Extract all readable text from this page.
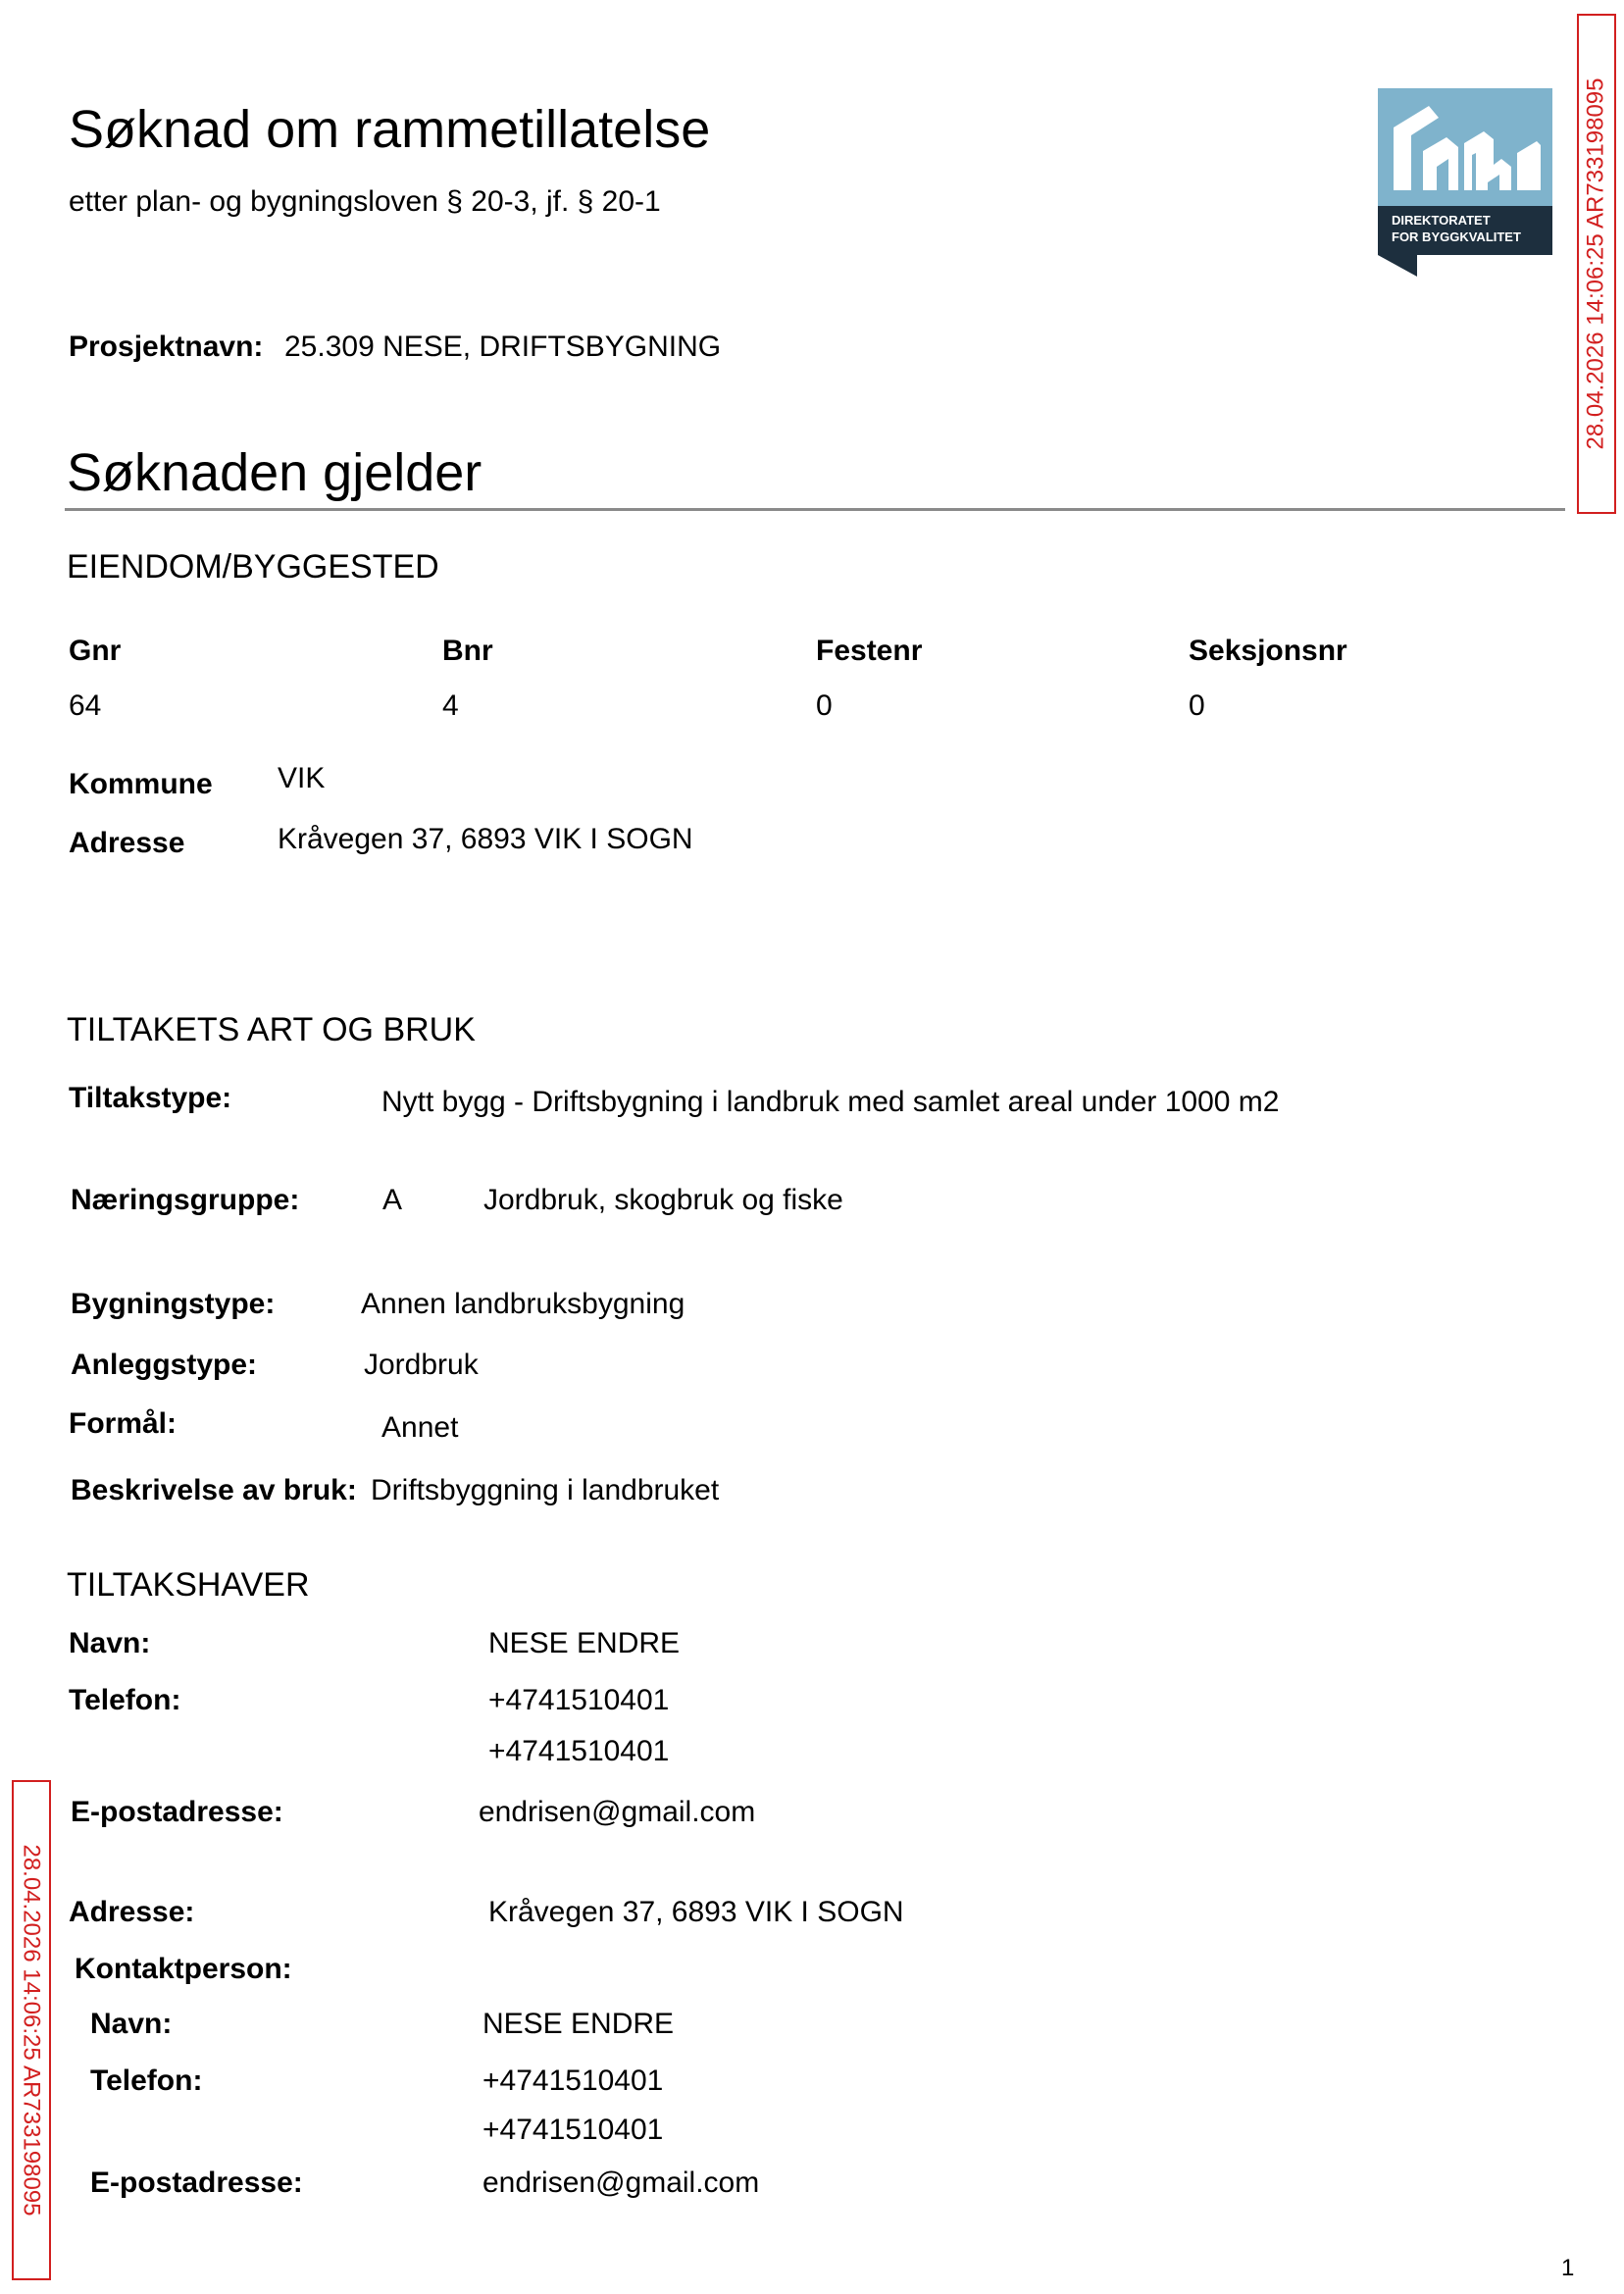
Søknad om rammetillatelse
etter plan- og bygningsloven § 20-3, jf. § 20-1
DIREKTORATET
FOR BYGGKVALITET
Prosjektnavn: 25.309 NESE, DRIFTSBYGNING
Søknaden gjelder
EIENDOM/BYGGESTED
Gnr	Bnr	Festenr	Seksjonsnr
64	4	0	0
Kommune VIK
Adresse	Kråvegen 37, 6893 VIK I SOGN
TILTAKETS ART OG BRUK
Tiltakstype:	Nytt bygg - Driftsbygning i landbruk med samlet areal under 1000 m2
Næringsgruppe:	A	Jordbruk, skogbruk og fiske
Bygningstype:	Annen landbruksbygning
Anleggstype:	Jordbruk
Formål:	Annet
Beskrivelse av bruk: Driftsbyggning i landbruket
TILTAKSHAVER
Navn:	NESE ENDRE
Telefon:	+4741510401
+4741510401
E-postadresse:	endrisen@gmail.com
Adresse:	Kråvegen 37, 6893 VIK I SOGN
Kontaktperson:
Navn:	NESE ENDRE
Telefon:	+4741510401
+4741510401
E-postadresse:	endrisen@gmail.com
28.04.2026 14:06:25 AR733198095
28.04.2026 14:06:25 AR733198095
1
